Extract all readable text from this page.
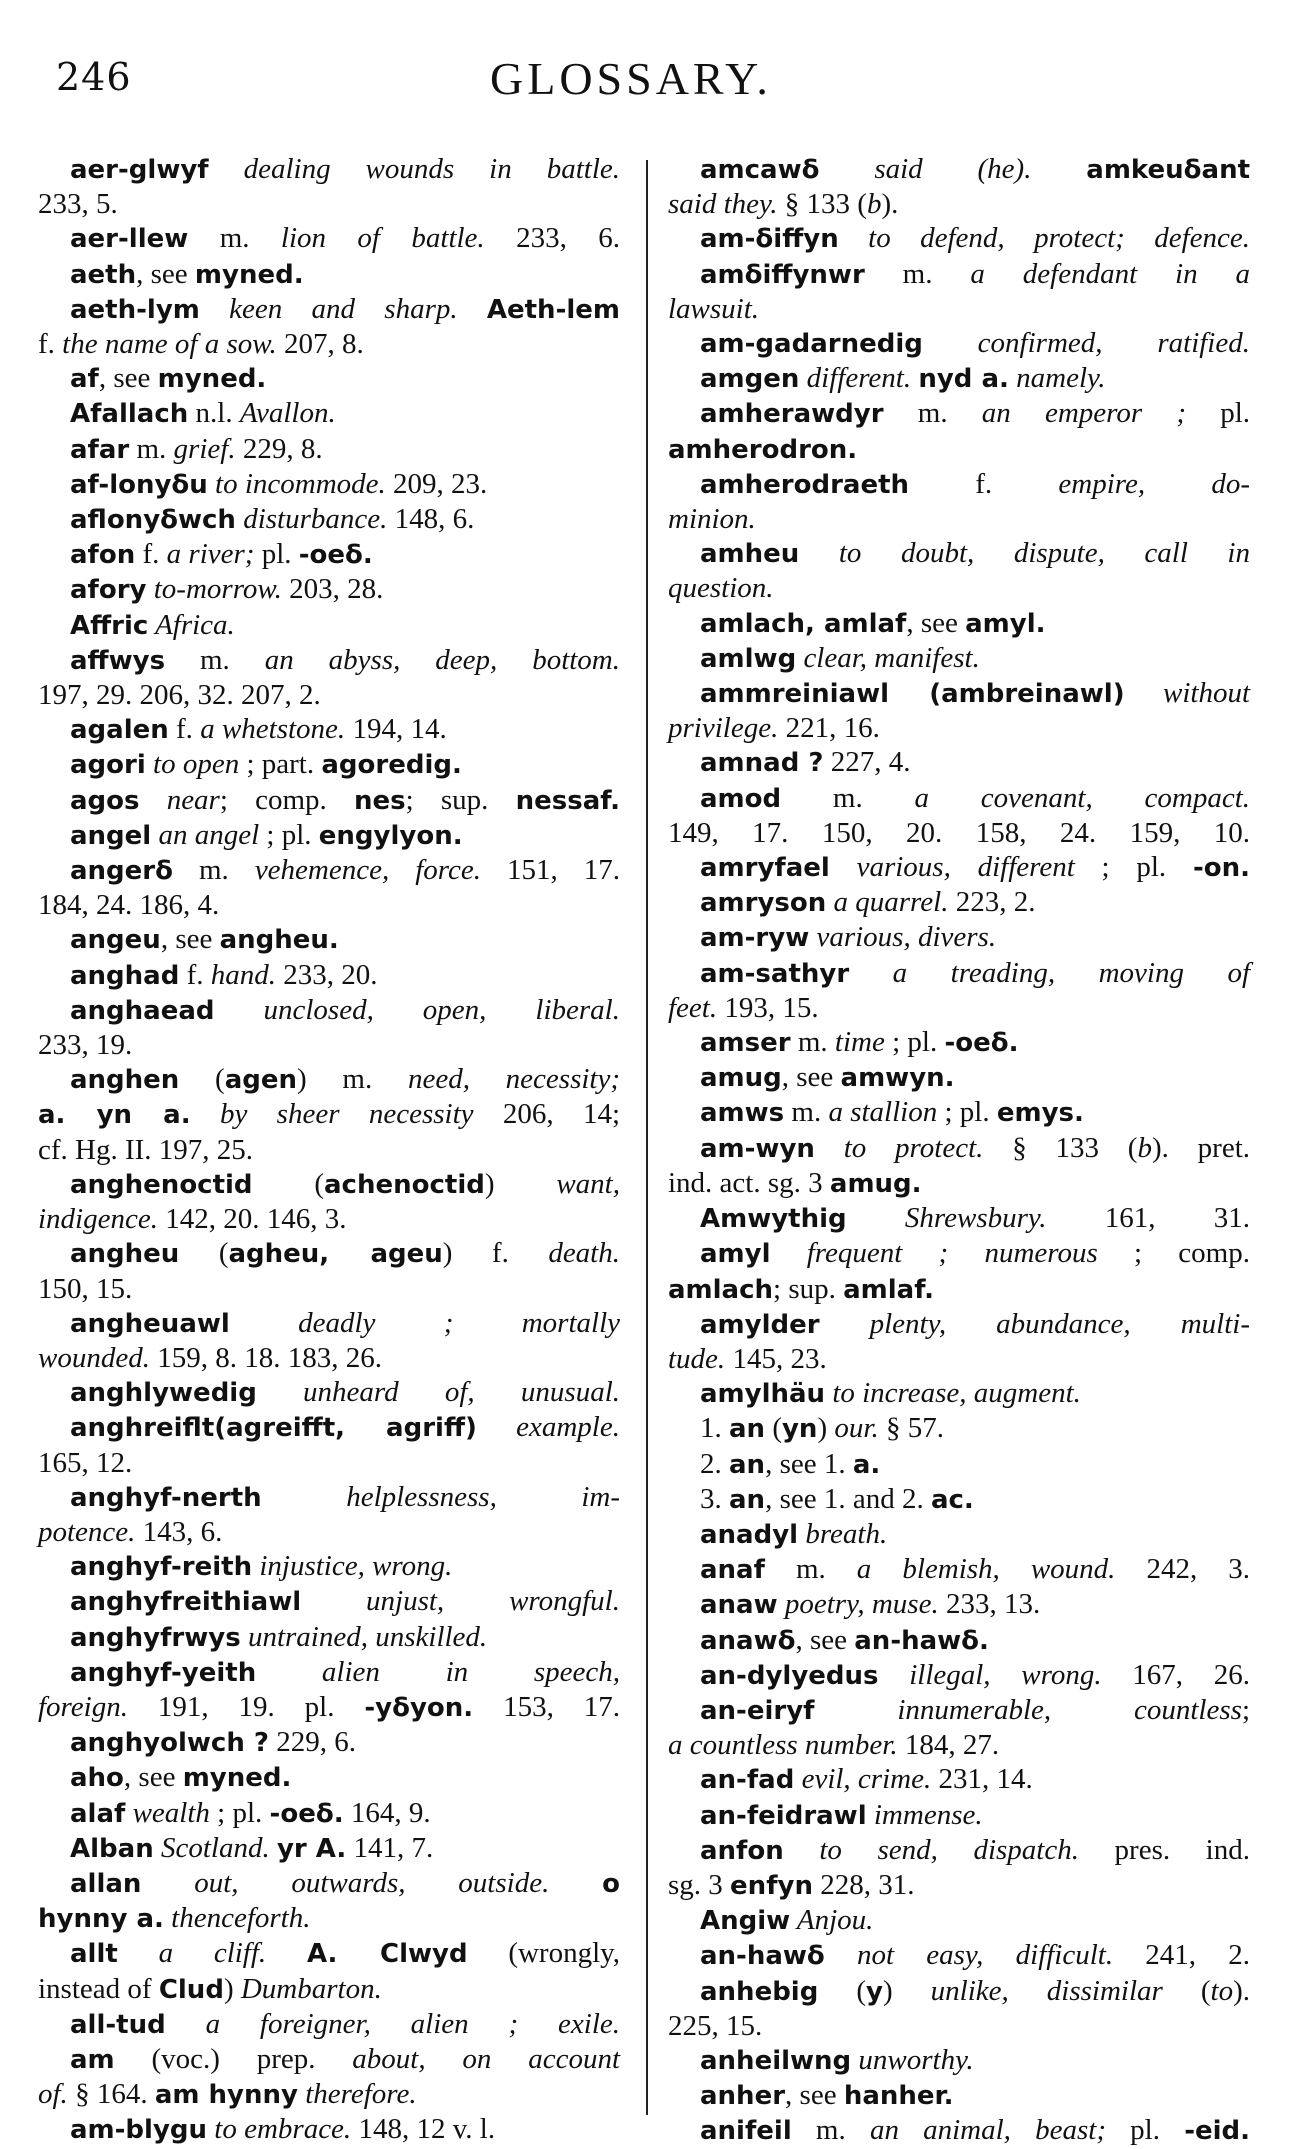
246	GLOSSARY.
aer-glwyf dealing wounds in battle.
233, 5.
aer-llew m. lion of battle. 233, 6.
aeth, see myned.
aeth-lym keen and sharp. Aeth-lem
f. the name of a sow. 207, 8.
af, see myned.
Afallach n.l. Avallon.
afar m. grief. 229, 8.
af-lonyδu to incommode. 209, 23.
aflonyδwch disturbance. 148, 6.
afon f. a river; pl. -oeδ.
afory to-morrow. 203, 28.
Affric Africa.
affwys m. an abyss, deep, bottom.
197, 29. 206, 32. 207, 2.
agalen f. a whetstone. 194, 14.
agori to open ; part. agoredig.
agos near; comp. nes; sup. nessaf.
angel an angel ; pl. engylyon.
angerδ m. vehemence, force. 151, 17.
184, 24. 186, 4.
angeu, see angheu.
anghad f. hand. 233, 20.
anghaead unclosed, open, liberal.
233, 19.
anghen (agen) m. need, necessity;
a. yn a. by sheer necessity 206, 14;
cf. Hg. II. 197, 25.
anghenoctid (achenoctid) want,
indigence. 142, 20. 146, 3.
angheu (agheu, ageu) f. death.
150, 15.
angheuawl deadly ; mortally
wounded. 159, 8. 18. 183, 26.
anghlywedig unheard of, unusual.
anghreiflt(agreifft, agriff) example.
165, 12.
anghyf-nerth helplessness, im-
potence. 143, 6.
anghyf-reith injustice, wrong.
anghyfreithiawl unjust, wrongful.
anghyfrwys untrained, unskilled.
anghyf-yeith alien in speech,
foreign. 191, 19. pl. -yδyon. 153, 17.
anghyolwch ? 229, 6.
aho, see myned.
alaf wealth ; pl. -oeδ. 164, 9.
Alban Scotland. yr A. 141, 7.
allan out, outwards, outside. o
hynny a. thenceforth.
allt a cliff. A. Clwyd (wrongly,
instead of Clud) Dumbarton.
all-tud a foreigner, alien ; exile.
am (voc.) prep. about, on account
of. § 164. am hynny therefore.
am-blygu to embrace. 148, 12 v. l.
amcawδ said (he). amkeuδant
said they. § 133 (b).
am-δiffyn to defend, protect; defence.
amδiffynwr m. a defendant in a
lawsuit.
am-gadarnedig confirmed, ratified.
amgen different. nyd a. namely.
amherawdyr m. an emperor ; pl.
amherodron.
amherodraeth f. empire, do-
minion.
amheu to doubt, dispute, call in
question.
amlach, amlaf, see amyl.
amlwg clear, manifest.
ammreiniawl (ambreinawl) without
privilege. 221, 16.
amnad ? 227, 4.
amod m. a covenant, compact.
149, 17. 150, 20. 158, 24. 159, 10.
amryfael various, different ; pl. -on.
amryson a quarrel. 223, 2.
am-ryw various, divers.
am-sathyr a treading, moving of
feet. 193, 15.
amser m. time ; pl. -oeδ.
amug, see amwyn.
amws m. a stallion ; pl. emys.
am-wyn to protect. § 133 (b). pret.
ind. act. sg. 3 amug.
Amwythig Shrewsbury. 161, 31.
amyl frequent ; numerous ; comp.
amlach; sup. amlaf.
amylder plenty, abundance, multi-
tude. 145, 23.
amylhäu to increase, augment.
1. an (yn) our. § 57.
2. an, see 1. a.
3. an, see 1. and 2. ac.
anadyl breath.
anaf m. a blemish, wound. 242, 3.
anaw poetry, muse. 233, 13.
anawδ, see an-hawδ.
an-dylyedus illegal, wrong. 167, 26.
an-eiryf innumerable, countless;
a countless number. 184, 27.
an-fad evil, crime. 231, 14.
an-feidrawl immense.
anfon to send, dispatch. pres. ind.
sg. 3 enfyn 228, 31.
Angiw Anjou.
an-hawδ not easy, difficult. 241, 2.
anhebig (y) unlike, dissimilar (to).
225, 15.
anheilwng unworthy.
anher, see hanher.
anifeil m. an animal, beast; pl. -eid.
